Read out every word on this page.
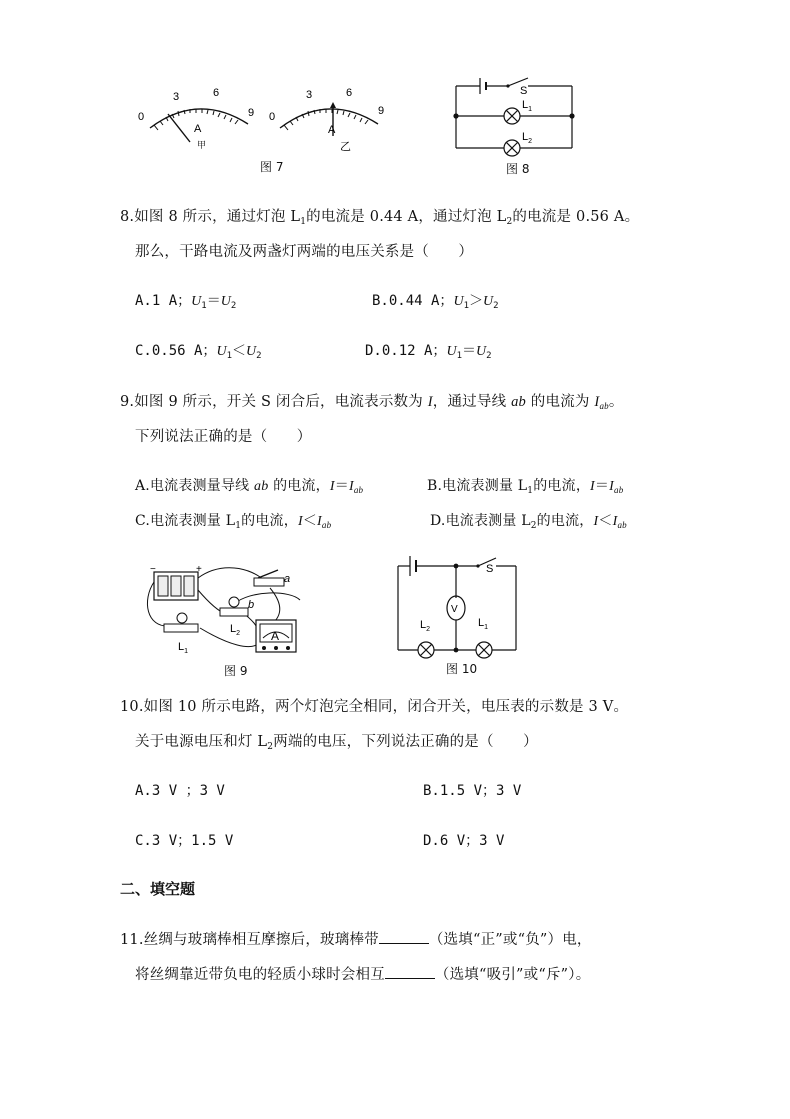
0
3	6
9
A
甲
0
3	6
9
A
乙
图 7
S
$L_1$
$L_2$
图 8
8.如图 8 所示，通过灯泡 $L_1$的电流是 0.44 A，通过灯泡 $L_2$的电流是 0.56 A。
那么，干路电流及两盏灯两端的电压关系是（　　）
A.1 A；$U_1=U_2$	B.0.44 A；$U_1>U_2$
C.0.56 A；$U_1<U_2$	D.0.12 A；$U_1=U_2$
9.如图 9 所示，开关 S 闭合后，电流表示数为 I，通过导线 ab 的电流为 $I_{ab}$。
下列说法正确的是（　　）
A.电流表测量导线 ab 的电流，$I=I_{ab}$	B.电流表测量 $L_1$的电流，$I=I_{ab}$
C.电流表测量 $L_1$的电流，$I<I_{ab}$	D.电流表测量 $L_2$的电流，$I<I_{ab}$
−	+
a
b
$L_2$
$L_1$
A
图 9
S
V
$L_2$
$L_1$
图 10
10.如图 10 所示电路，两个灯泡完全相同，闭合开关，电压表的示数是 3 V。
关于电源电压和灯 $L_2$两端的电压，下列说法正确的是（　　）
A.3 V ；3 V	B.1.5 V；3 V
C.3 V；1.5 V	D.6 V；3 V
二、填空题
11.丝绸与玻璃棒相互摩擦后，玻璃棒带	（选填“正”或“负”）电，
将丝绸靠近带负电的轻质小球时会相互	（选填“吸引”或“斥”）。
